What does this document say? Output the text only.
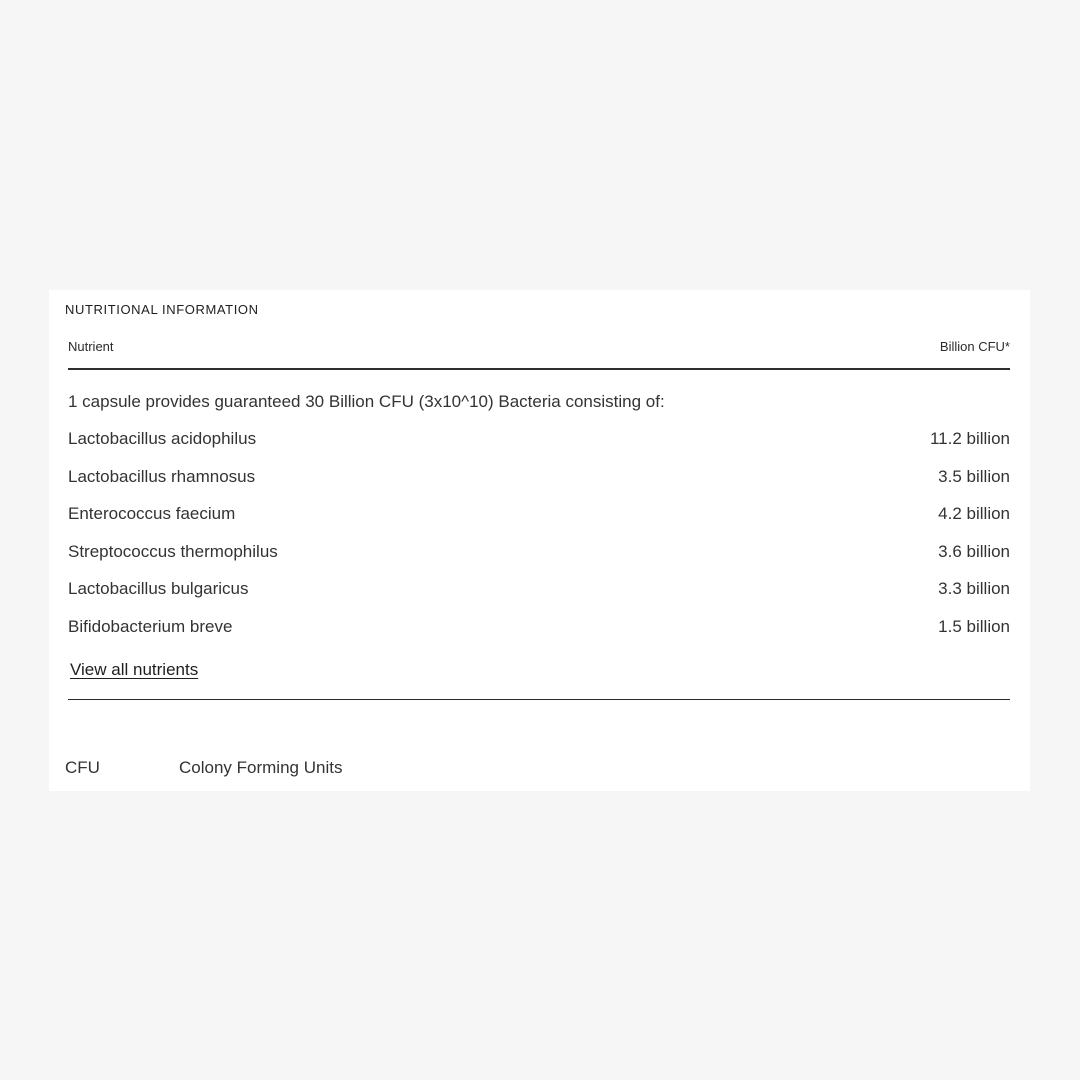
NUTRITIONAL INFORMATION
Nutrient	Billion CFU*
1 capsule provides guaranteed 30 Billion CFU (3x10^10) Bacteria consisting of:
Lactobacillus acidophilus	11.2 billion
Lactobacillus rhamnosus	3.5 billion
Enterococcus faecium	4.2 billion
Streptococcus thermophilus	3.6 billion
Lactobacillus bulgaricus	3.3 billion
Bifidobacterium breve	1.5 billion
View all nutrients
CFU	Colony Forming Units
